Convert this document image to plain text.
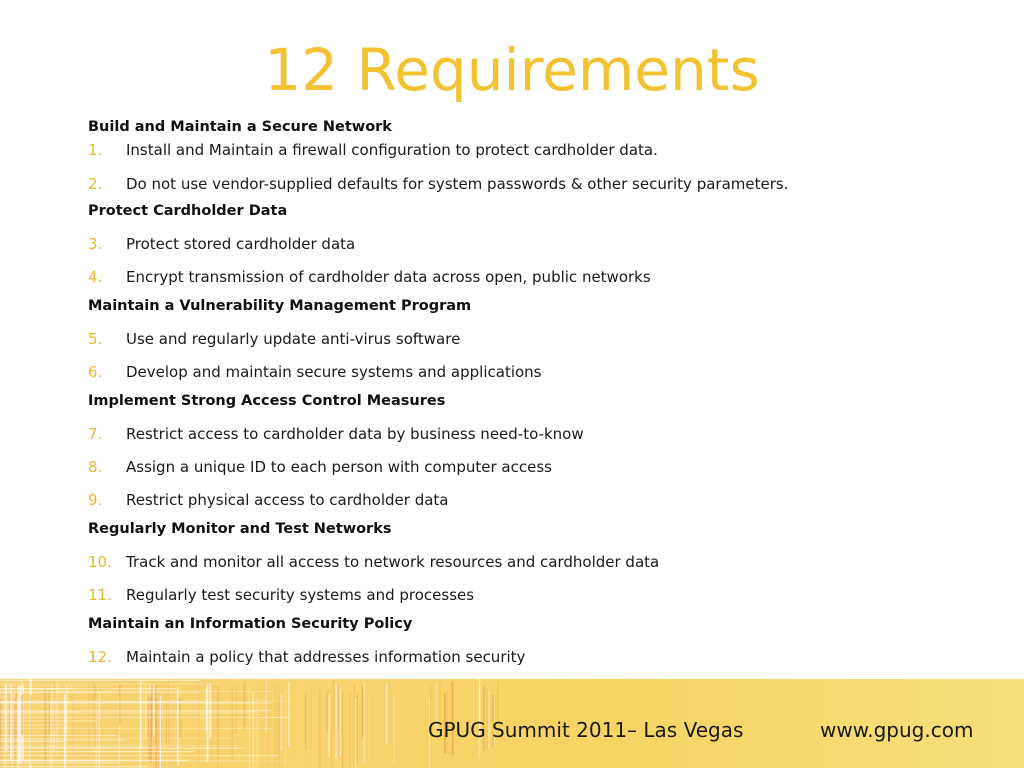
12 Requirements
Build and Maintain a Secure Network
1.	Install and Maintain a firewall configuration to protect cardholder data.
2.	Do not use vendor-supplied defaults for system passwords & other security parameters.
Protect Cardholder Data
3.	Protect stored cardholder data
4.	Encrypt transmission of cardholder data across open, public networks
Maintain a Vulnerability Management Program
5.	Use and regularly update anti-virus software
6.	Develop and maintain secure systems and applications
Implement Strong Access Control Measures
7.	Restrict access to cardholder data by business need-to-know
8.	Assign a unique ID to each person with computer access
9.	Restrict physical access to cardholder data
Regularly Monitor and Test Networks
10. Track and monitor all access to network resources and cardholder data
11. Regularly test security systems and processes
Maintain an Information Security Policy
12. Maintain a policy that addresses information security
GPUG Summit 2011– Las Vegas	www.gpug.com
